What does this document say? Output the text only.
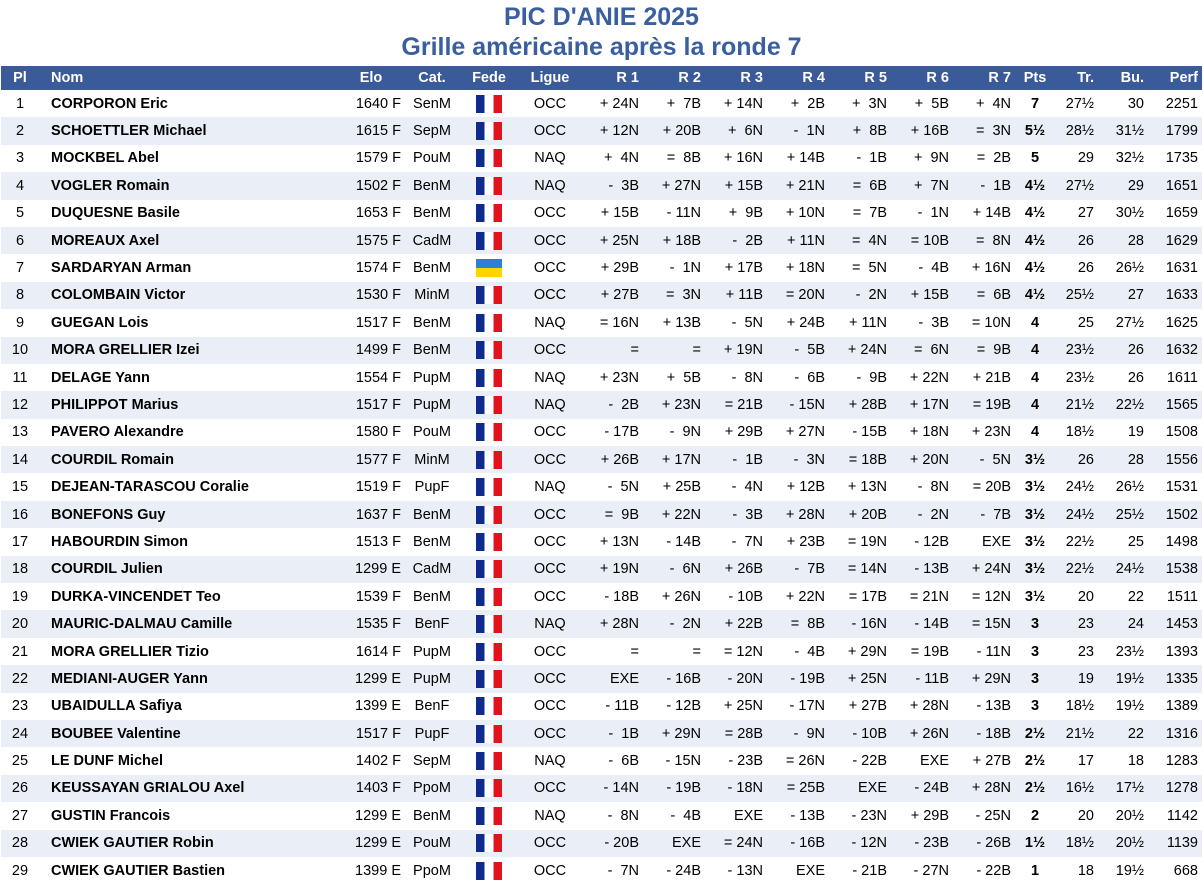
PIC D'ANIE 2025
Grille américaine après la ronde 7
Pl	Nom	Elo	Cat.	Fede	Ligue	R 1	R 2	R 3	R 4	R 5	R 6	R 7	Pts	Tr.	Bu.	Perf
1	CORPORON Eric	1640 F	SenM		OCC	+ 24N	+  7B	+ 14N	+  2B	+  3N	+  5B	+  4N	7	27½	30	2251
2	SCHOETTLER Michael	1615 F	SepM		OCC	+ 12N	+ 20B	+  6N	-  1N	+  8B	+ 16B	=  3N	5½	28½	31½	1799
3	MOCKBEL Abel	1579 F	PouM		NAQ	+  4N	=  8B	+ 16N	+ 14B	-  1B	+  9N	=  2B	5	29	32½	1735
4	VOGLER Romain	1502 F	BenM		NAQ	-  3B	+ 27N	+ 15B	+ 21N	=  6B	+  7N	-  1B	4½	27½	29	1651
5	DUQUESNE Basile	1653 F	BenM		OCC	+ 15B	- 11N	+  9B	+ 10N	=  7B	-  1N	+ 14B	4½	27	30½	1659
6	MOREAUX Axel	1575 F	CadM		OCC	+ 25N	+ 18B	-  2B	+ 11N	=  4N	= 10B	=  8N	4½	26	28	1629
7	SARDARYAN Arman	1574 F	BenM		OCC	+ 29B	-  1N	+ 17B	+ 18N	=  5N	-  4B	+ 16N	4½	26	26½	1631
8	COLOMBAIN Victor	1530 F	MinM		OCC	+ 27B	=  3N	+ 11B	= 20N	-  2N	+ 15B	=  6B	4½	25½	27	1633
9	GUEGAN Lois	1517 F	BenM		NAQ	= 16N	+ 13B	-  5N	+ 24B	+ 11N	-  3B	= 10N	4	25	27½	1625
10	MORA GRELLIER Izei	1499 F	BenM		OCC	=	=	+ 19N	-  5B	+ 24N	=  6N	=  9B	4	23½	26	1632
11	DELAGE Yann	1554 F	PupM		NAQ	+ 23N	+  5B	-  8N	-  6B	-  9B	+ 22N	+ 21B	4	23½	26	1611
12	PHILIPPOT Marius	1517 F	PupM		NAQ	-  2B	+ 23N	= 21B	- 15N	+ 28B	+ 17N	= 19B	4	21½	22½	1565
13	PAVERO Alexandre	1580 F	PouM		OCC	- 17B	-  9N	+ 29B	+ 27N	- 15B	+ 18N	+ 23N	4	18½	19	1508
14	COURDIL Romain	1577 F	MinM		OCC	+ 26B	+ 17N	-  1B	-  3N	= 18B	+ 20N	-  5N	3½	26	28	1556
15	DEJEAN-TARASCOU Coralie	1519 F	PupF		NAQ	-  5N	+ 25B	-  4N	+ 12B	+ 13N	-  8N	= 20B	3½	24½	26½	1531
16	BONEFONS Guy	1637 F	BenM		OCC	=  9B	+ 22N	-  3B	+ 28N	+ 20B	-  2N	-  7B	3½	24½	25½	1502
17	HABOURDIN Simon	1513 F	BenM		OCC	+ 13N	- 14B	-  7N	+ 23B	= 19N	- 12B	EXE	3½	22½	25	1498
18	COURDIL Julien	1299 E	CadM		OCC	+ 19N	-  6N	+ 26B	-  7B	= 14N	- 13B	+ 24N	3½	22½	24½	1538
19	DURKA-VINCENDET Teo	1539 F	BenM		OCC	- 18B	+ 26N	- 10B	+ 22N	= 17B	= 21N	= 12N	3½	20	22	1511
20	MAURIC-DALMAU Camille	1535 F	BenF		NAQ	+ 28N	-  2N	+ 22B	=  8B	- 16N	- 14B	= 15N	3	23	24	1453
21	MORA GRELLIER Tizio	1614 F	PupM		OCC	=	=	= 12N	-  4B	+ 29N	= 19B	- 11N	3	23	23½	1393
22	MEDIANI-AUGER Yann	1299 E	PupM		OCC	EXE	- 16B	- 20N	- 19B	+ 25N	- 11B	+ 29N	3	19	19½	1335
23	UBAIDULLA Safiya	1399 E	BenF		OCC	- 11B	- 12B	+ 25N	- 17N	+ 27B	+ 28N	- 13B	3	18½	19½	1389
24	BOUBEE Valentine	1517 F	PupF		OCC	-  1B	+ 29N	= 28B	-  9N	- 10B	+ 26N	- 18B	2½	21½	22	1316
25	LE DUNF Michel	1402 F	SepM		NAQ	-  6B	- 15N	- 23B	= 26N	- 22B	EXE	+ 27B	2½	17	18	1283
26	KEUSSAYAN GRIALOU Axel	1403 F	PpoM		OCC	- 14N	- 19B	- 18N	= 25B	EXE	- 24B	+ 28N	2½	16½	17½	1278
27	GUSTIN Francois	1299 E	BenM		NAQ	-  8N	-  4B	EXE	- 13B	- 23N	+ 29B	- 25N	2	20	20½	1142
28	CWIEK GAUTIER Robin	1299 E	PouM		OCC	- 20B	EXE	= 24N	- 16B	- 12N	- 23B	- 26B	1½	18½	20½	1139
29	CWIEK GAUTIER Bastien	1399 E	PpoM		OCC	-  7N	- 24B	- 13N	EXE	- 21B	- 27N	- 22B	1	18	19½	668
